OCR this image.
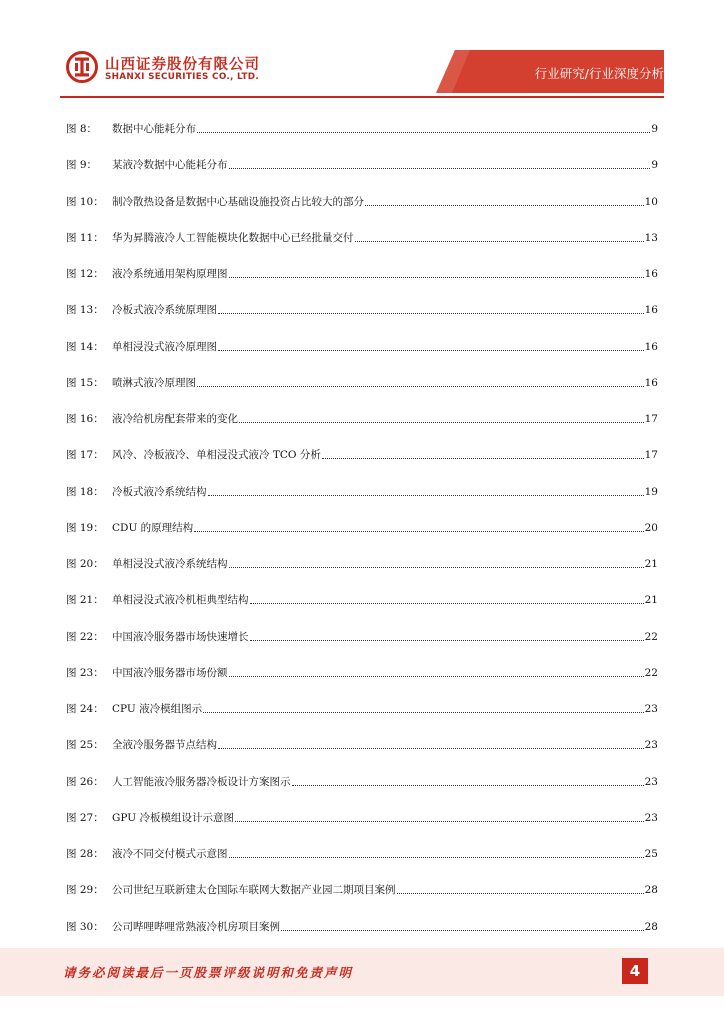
山西证券股份有限公司
SHANXI SECURITIES CO., LTD.	行业研究/行业深度分析
图 8：	数据中心能耗分布	9
图 9：	某液冷数据中心能耗分布	9
图 10： 制冷散热设备是数据中心基础设施投资占比较大的部分	10
图 11： 华为昇腾液冷人工智能模块化数据中心已经批量交付	13
图 12： 液冷系统通用架构原理图	16
图 13： 冷板式液冷系统原理图	16
图 14： 单相浸没式液冷原理图	16
图 15： 喷淋式液冷原理图	16
图 16： 液冷给机房配套带来的变化	17
图 17： 风冷、冷板液冷、单相浸没式液冷 TCO 分析	17
图 18： 冷板式液冷系统结构	19
图 19： CDU 的原理结构	20
图 20： 单相浸没式液冷系统结构	21
图 21： 单相浸没式液冷机柜典型结构	21
图 22： 中国液冷服务器市场快速增长	22
图 23： 中国液冷服务器市场份额	22
图 24： CPU 液冷模组图示	23
图 25： 全液冷服务器节点结构	23
图 26： 人工智能液冷服务器冷板设计方案图示	23
图 27： GPU 冷板模组设计示意图	23
图 28： 液冷不同交付模式示意图	25
图 29： 公司世纪互联新建太仓国际车联网大数据产业园二期项目案例	28
图 30： 公司哔哩哔哩常熟液冷机房项目案例	28
请务必阅读最后一页股票评级说明和免责声明	4
